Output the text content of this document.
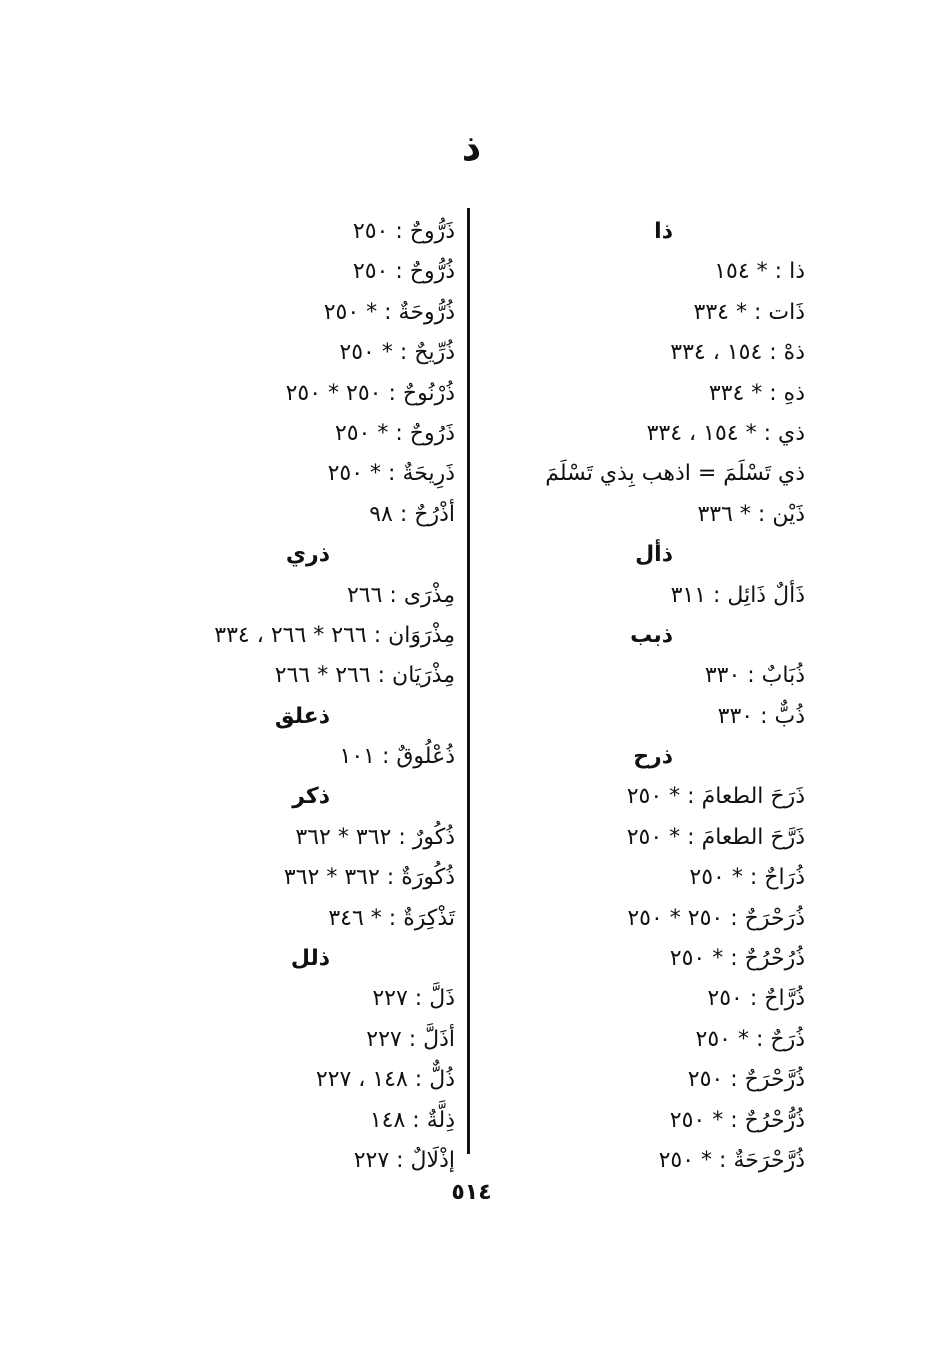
ذ
ذا
ذا : * ١٥٤
ذَات : * ٣٣٤
ذهْ : ١٥٤ ، ٣٣٤
ذهِ : * ٣٣٤
ذي : * ١٥٤ ، ٣٣٤
ذي تَسْلَمَ = اذهب بِذي تَسْلَمَ
ذَيْن : * ٣٣٦
ذأل
ذَألٌ ذَائِل : ٣١١
ذبب
ذُبَابٌ : ٣٣٠
ذُبٌّ : ٣٣٠
ذرح
ذَرَحَ الطعامَ : * ٢٥٠
ذَرَّحَ الطعامَ : * ٢٥٠
ذُرَاحٌ : * ٢٥٠
ذُرَحْرَحٌ : ٢٥٠ * ٢٥٠
ذُرُحْرُحٌ : * ٢٥٠
ذُرَّاحٌ : ٢٥٠
ذُرَحٌ : * ٢٥٠
ذُرَّحْرَحٌ : ٢٥٠
ذُرُّحْرُحٌ : * ٢٥٠
ذُرَّحْرَحَةٌ : * ٢٥٠
ذَرُّوحٌ : ٢٥٠
ذُرُّوحٌ : ٢٥٠
ذُرُّوحَةٌ : * ٢٥٠
ذُرِّيحٌ : * ٢٥٠
ذُرْنُوحٌ : ٢٥٠ * ٢٥٠
ذَرُوحٌ : * ٢٥٠
ذَرِيحَةٌ : * ٢٥٠
أذْرُحٌ : ٩٨
ذري
مِذْرَى : ٢٦٦
مِذْرَوَان : ٢٦٦ * ٢٦٦ ، ٣٣٤
مِذْرَيَان : ٢٦٦ * ٢٦٦
ذعلق
ذُعْلُوقٌ : ١٠١
ذكر
ذُكُورٌ : ٣٦٢ * ٣٦٢
ذُكُورَةٌ : ٣٦٢ * ٣٦٢
تَذْكِرَةٌ : * ٣٤٦
ذلل
ذَلَّ : ٢٢٧
أذَلَّ : ٢٢٧
ذُلٌّ : ١٤٨ ، ٢٢٧
ذِلَّةٌ : ١٤٨
إذْلَالٌ : ٢٢٧
٥١٤
